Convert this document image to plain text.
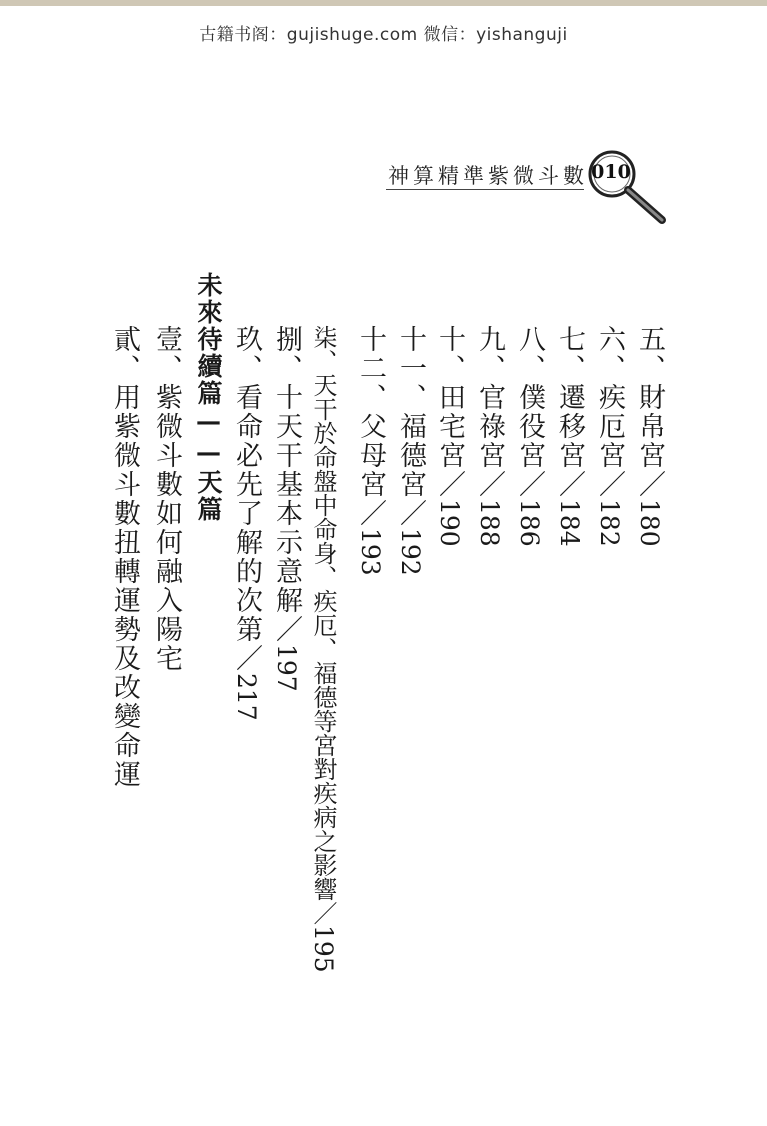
古籍书阁：gujishuge.com 微信：yishanguji
神算精準紫微斗數 010
五、財帛宮／180
六、疾厄宮／182
七、遷移宮／184
八、僕役宮／186
九、官祿宮／188
十、田宅宮／190
十一、福德宮／192
十二、父母宮／193
柒、天干於命盤中命身、疾厄、福德等宮對疾病之影響／195
捌、十天干基本示意解／197
玖、看命必先了解的次第／217
未來待續篇——天篇
壹、紫微斗數如何融入陽宅
貳、用紫微斗數扭轉運勢及改變命運
